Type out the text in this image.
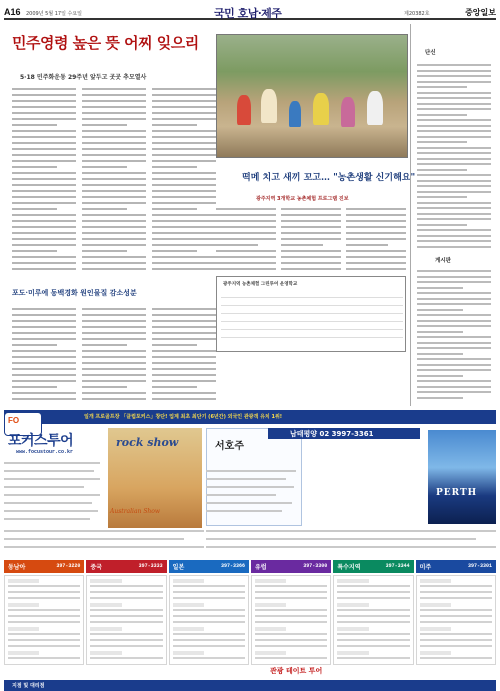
A16 2009년 5월 17일 수요일	국민 호남·제주	제20382호	중앙일보
민주영령 높은 뜻 어찌 잊으리
5·18 민주화운동 29주년 앞두고 곳곳 추모열사
떡메 치고 새끼 꼬고… "농촌생활 신기해요"
광주지역 3개학교 농촌체험 프로그램 진보
광주지역 농촌체험 그린투어 운영학교

포도·미루에 동백경화 원인물질 감소성분
단신
게시판
일개 프로골프장 「클럽포커스」창단! 업계 최초 최단기 (6년간) 외국인 관광객 유치 1위!
FO
포커스투어
www.focustour.co.kr
rock show
Australian Show
서호주
남태평양 02 3997-3361
PERTH
동남아	397-3220 중국	397-3333 일본	397-3366 유럽	397-3300 특수지역	397-3344 미주	397-3301
관광 테이트 투어
지점 및 대리점
